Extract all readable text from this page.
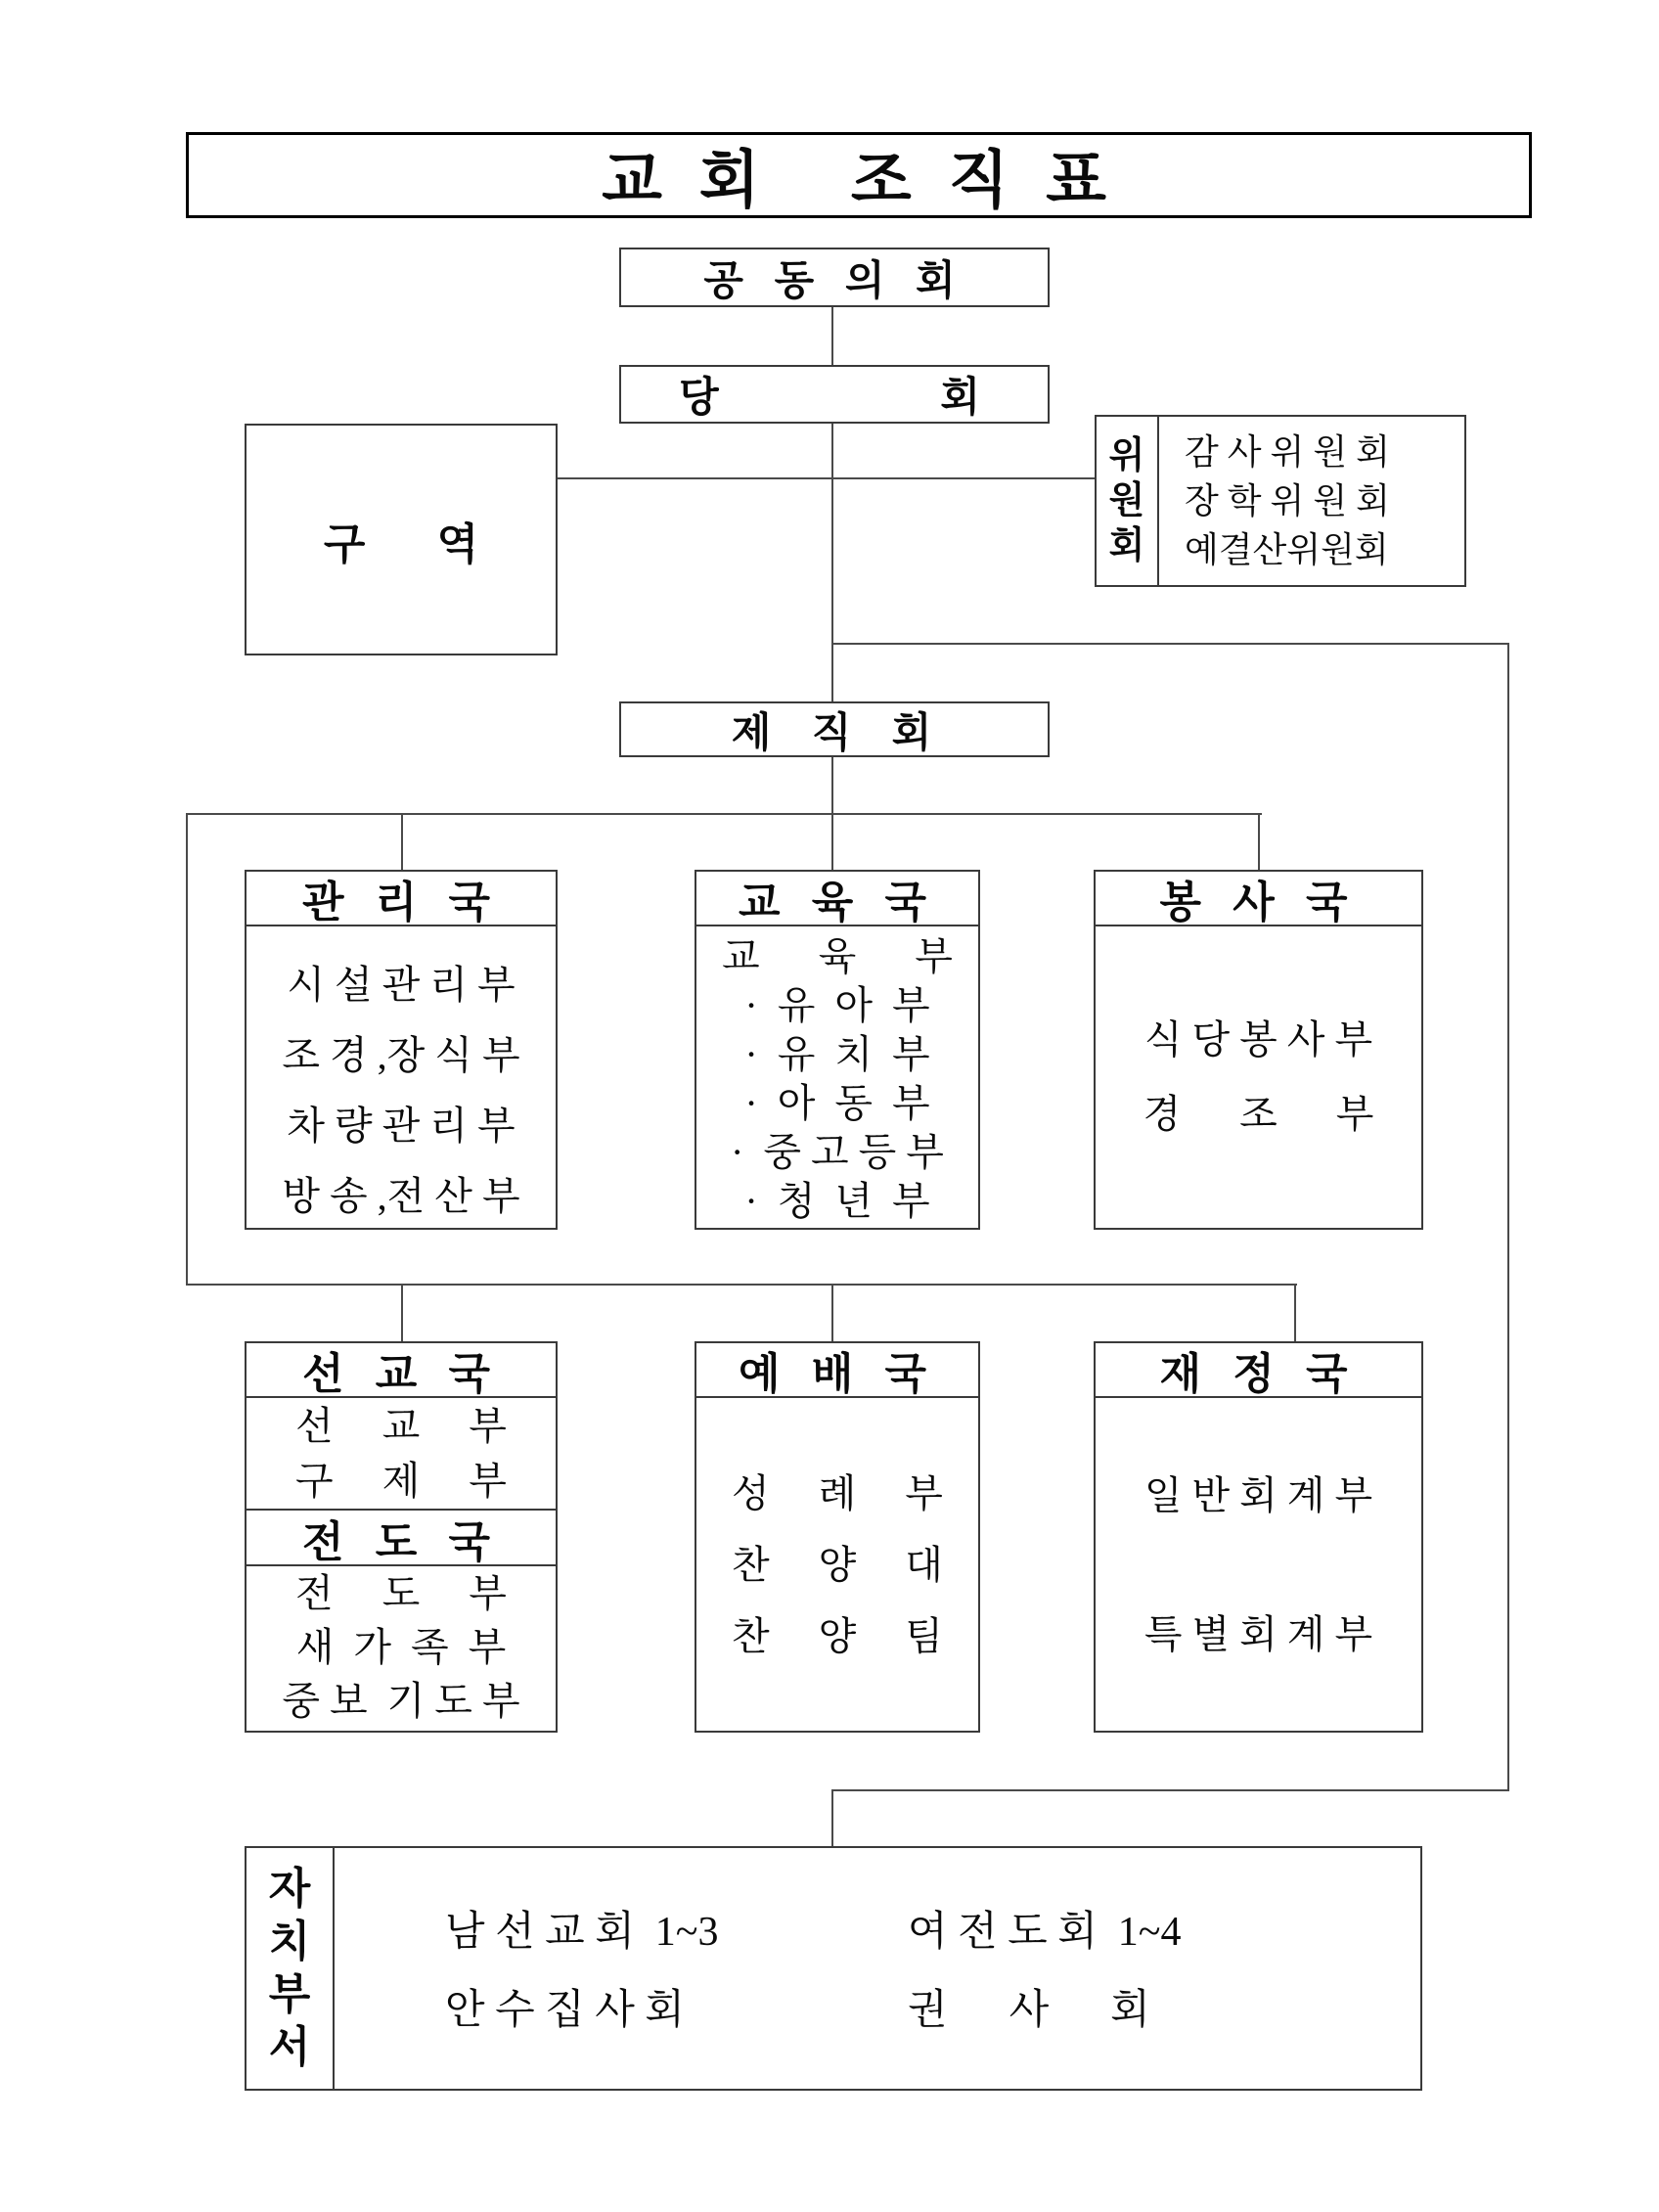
교 회   조 직 표
공 동 의 회
당          회
구      역
위
원
회
감 사 위 원 회
장 학 위 원 회
예결산위원회
제  직  회
관 리 국
시 설 관 리 부
조 경 ,장 식 부
차 량 관 리 부
방 송 ,전 산 부
교 육 국
교      육      부
·  유  아  부
·  유  치  부
·  아  동  부
·  중 고 등 부
·  청  년  부
봉 사 국
식 당 봉 사 부
경      조      부
선 교 국
선     교     부
구     제     부
전 도 국
전     도     부
새  가  족  부
중 보  기 도 부
예 배 국
성     례     부
찬     양     대
찬     양     팀
일 반 회 계 부
특 별 회 계 부
재 정 국
자
치
부
서
남 선 교 회  1~3	여 전 도 회  1~4
안 수 집 사 회	권      사      회
